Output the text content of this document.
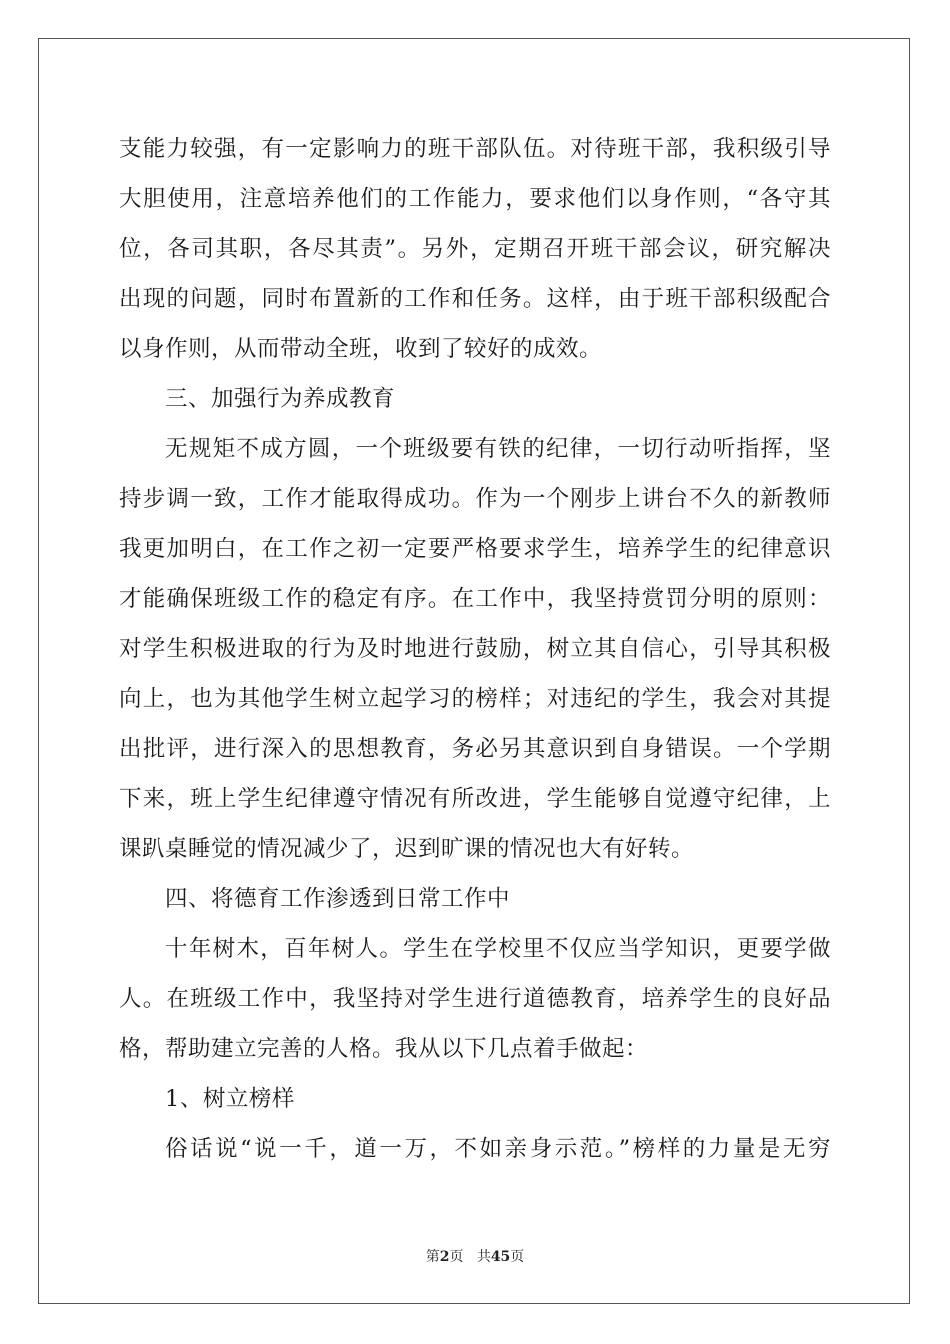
支能力较强，有一定影响力的班干部队伍。对待班干部，我积级引导
大胆使用，注意培养他们的工作能力，要求他们以身作则，“各守其
位，各司其职，各尽其责”。另外，定期召开班干部会议，研究解决
出现的问题，同时布置新的工作和任务。这样，由于班干部积级配合
以身作则，从而带动全班，收到了较好的成效。
三、加强行为养成教育
无规矩不成方圆，一个班级要有铁的纪律，一切行动听指挥，坚
持步调一致，工作才能取得成功。作为一个刚步上讲台不久的新教师
我更加明白，在工作之初一定要严格要求学生，培养学生的纪律意识
才能确保班级工作的稳定有序。在工作中，我坚持赏罚分明的原则：
对学生积极进取的行为及时地进行鼓励，树立其自信心，引导其积极
向上，也为其他学生树立起学习的榜样；对违纪的学生，我会对其提
出批评，进行深入的思想教育，务必另其意识到自身错误。一个学期
下来，班上学生纪律遵守情况有所改进，学生能够自觉遵守纪律，上
课趴桌睡觉的情况减少了，迟到旷课的情况也大有好转。
四、将德育工作渗透到日常工作中
十年树木，百年树人。学生在学校里不仅应当学知识，更要学做
人。在班级工作中，我坚持对学生进行道德教育，培养学生的良好品
格，帮助建立完善的人格。我从以下几点着手做起：
1、树立榜样
俗话说“说一千，道一万，不如亲身示范。”榜样的力量是无穷
第2页 共45页
